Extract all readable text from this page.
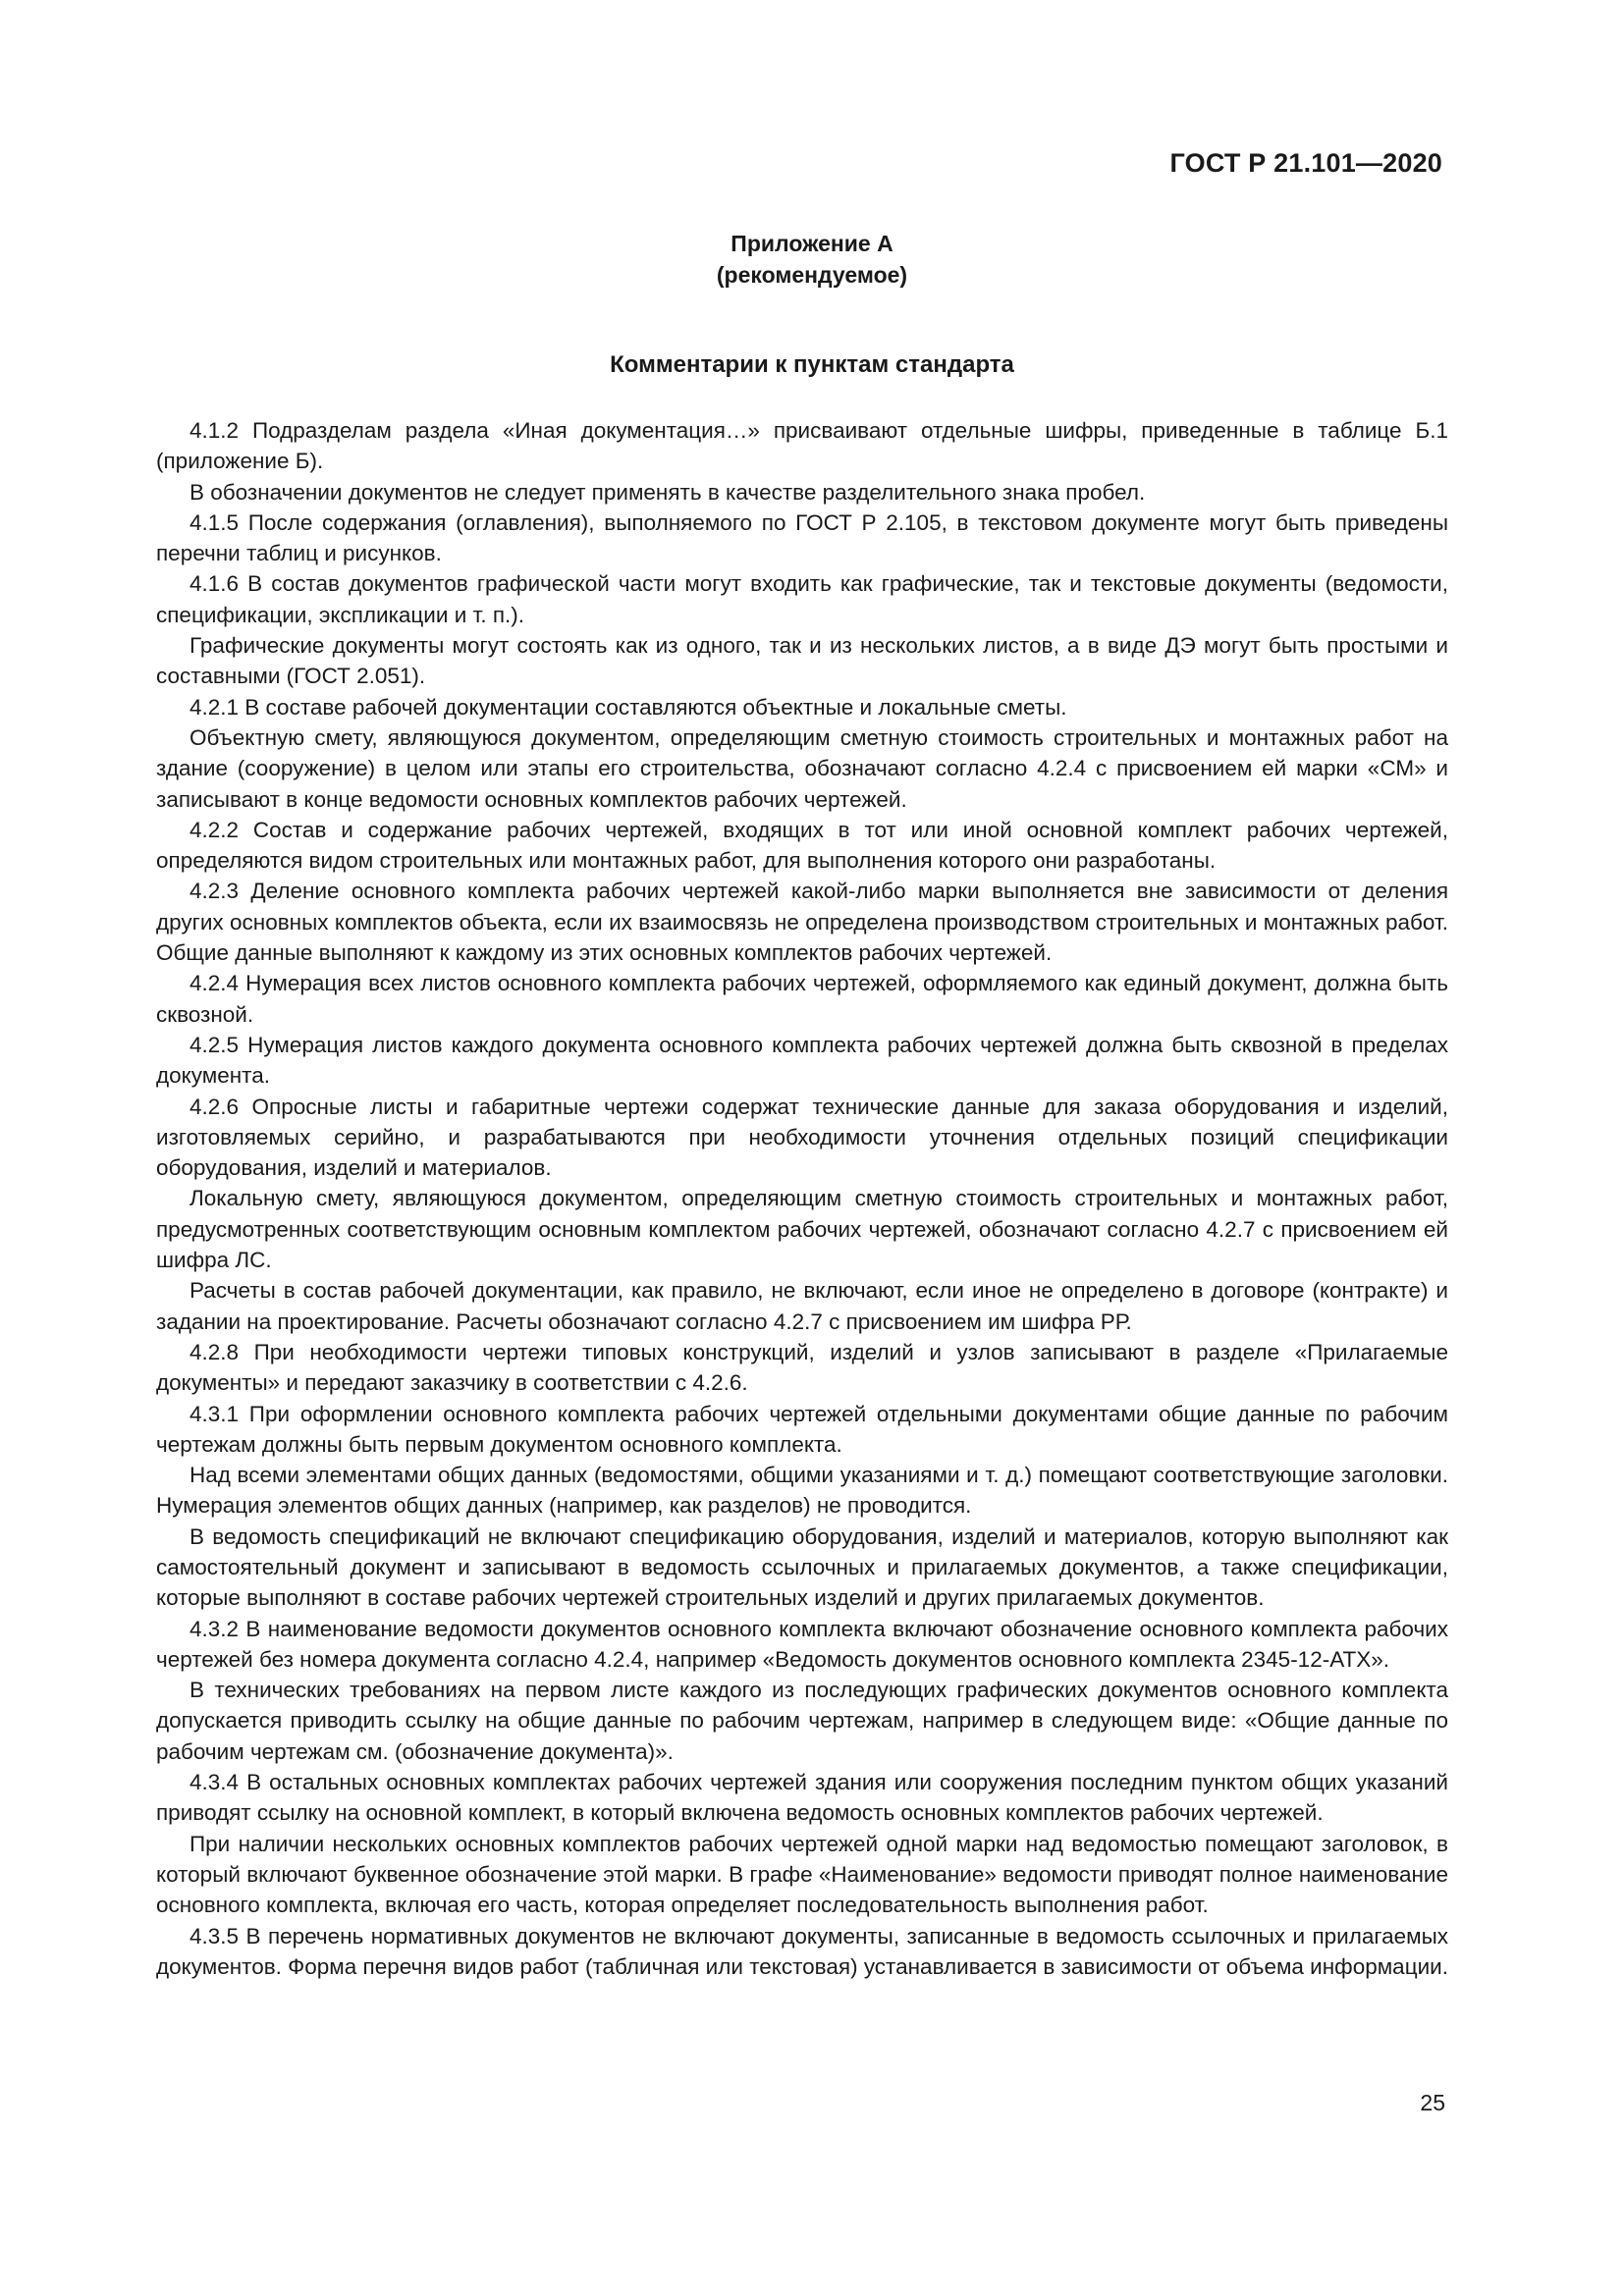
ГОСТ Р 21.101—2020
Приложение А
(рекомендуемое)
Комментарии к пунктам стандарта

4.1.2 Подразделам раздела «Иная документация…» присваивают отдельные шифры, приведенные в таблице Б.1 (приложение Б).

В обозначении документов не следует применять в качестве разделительного знака пробел.

4.1.5 После содержания (оглавления), выполняемого по ГОСТ Р 2.105, в текстовом документе могут быть приведены перечни таблиц и рисунков.

4.1.6 В состав документов графической части могут входить как графические, так и текстовые документы (ведомости, спецификации, экспликации и т. п.).

Графические документы могут состоять как из одного, так и из нескольких листов, а в виде ДЭ могут быть простыми и составными (ГОСТ 2.051).

4.2.1 В составе рабочей документации составляются объектные и локальные сметы.

Объектную смету, являющуюся документом, определяющим сметную стоимость строительных и монтажных работ на здание (сооружение) в целом или этапы его строительства, обозначают согласно 4.2.4 с присвоением ей марки «СМ» и записывают в конце ведомости основных комплектов рабочих чертежей.

4.2.2 Состав и содержание рабочих чертежей, входящих в тот или иной основной комплект рабочих чертежей, определяются видом строительных или монтажных работ, для выполнения которого они разработаны.

4.2.3 Деление основного комплекта рабочих чертежей какой-либо марки выполняется вне зависимости от деления других основных комплектов объекта, если их взаимосвязь не определена производством строительных и монтажных работ. Общие данные выполняют к каждому из этих основных комплектов рабочих чертежей.

4.2.4 Нумерация всех листов основного комплекта рабочих чертежей, оформляемого как единый документ, должна быть сквозной.

4.2.5 Нумерация листов каждого документа основного комплекта рабочих чертежей должна быть сквозной в пределах документа.

4.2.6 Опросные листы и габаритные чертежи содержат технические данные для заказа оборудования и изделий, изготовляемых серийно, и разрабатываются при необходимости уточнения отдельных позиций спецификации оборудования, изделий и материалов.

Локальную смету, являющуюся документом, определяющим сметную стоимость строительных и монтажных работ, предусмотренных соответствующим основным комплектом рабочих чертежей, обозначают согласно 4.2.7 с присвоением ей шифра ЛС.

Расчеты в состав рабочей документации, как правило, не включают, если иное не определено в договоре (контракте) и задании на проектирование. Расчеты обозначают согласно 4.2.7 с присвоением им шифра РР.

4.2.8 При необходимости чертежи типовых конструкций, изделий и узлов записывают в разделе «Прилагаемые документы» и передают заказчику в соответствии с 4.2.6.

4.3.1 При оформлении основного комплекта рабочих чертежей отдельными документами общие данные по рабочим чертежам должны быть первым документом основного комплекта.

Над всеми элементами общих данных (ведомостями, общими указаниями и т. д.) помещают соответствующие заголовки. Нумерация элементов общих данных (например, как разделов) не проводится.

В ведомость спецификаций не включают спецификацию оборудования, изделий и материалов, которую выполняют как самостоятельный документ и записывают в ведомость ссылочных и прилагаемых документов, а также спецификации, которые выполняют в составе рабочих чертежей строительных изделий и других прилагаемых документов.

4.3.2 В наименование ведомости документов основного комплекта включают обозначение основного комплекта рабочих чертежей без номера документа согласно 4.2.4, например «Ведомость документов основного комплекта 2345-12-АТХ».

В технических требованиях на первом листе каждого из последующих графических документов основного комплекта допускается приводить ссылку на общие данные по рабочим чертежам, например в следующем виде: «Общие данные по рабочим чертежам см. (обозначение документа)».

4.3.4 В остальных основных комплектах рабочих чертежей здания или сооружения последним пунктом общих указаний приводят ссылку на основной комплект, в который включена ведомость основных комплектов рабочих чертежей.

При наличии нескольких основных комплектов рабочих чертежей одной марки над ведомостью помещают заголовок, в который включают буквенное обозначение этой марки. В графе «Наименование» ведомости приводят полное наименование основного комплекта, включая его часть, которая определяет последовательность выполнения работ.

4.3.5 В перечень нормативных документов не включают документы, записанные в ведомость ссылочных и прилагаемых документов. Форма перечня видов работ (табличная или текстовая) устанавливается в зависимости от объема информации.

25
